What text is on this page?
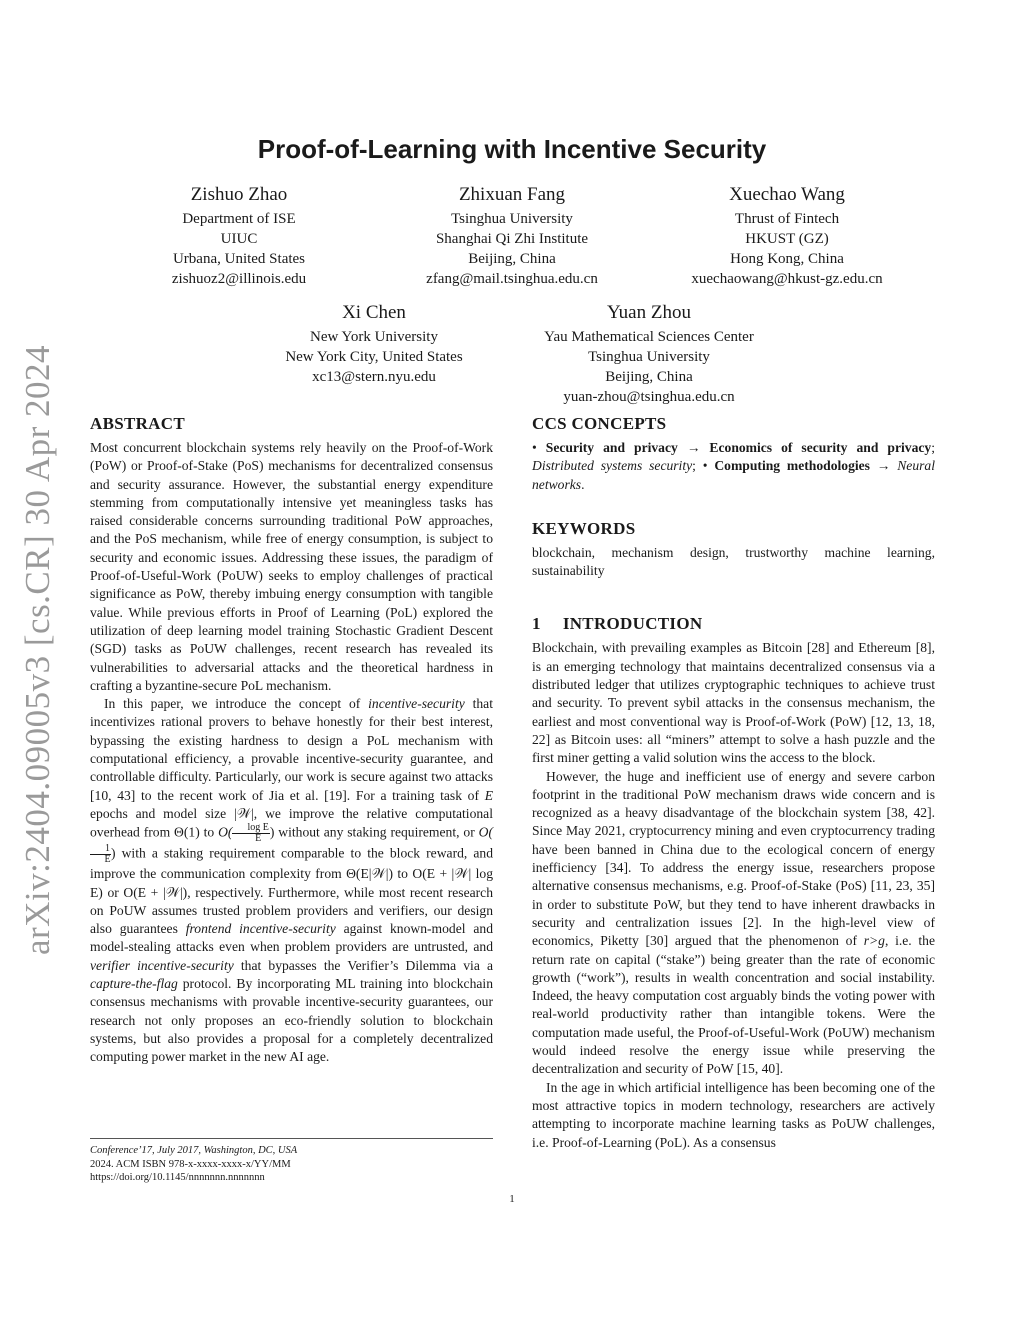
arXiv:2404.09005v3 [cs.CR] 30 Apr 2024
Proof-of-Learning with Incentive Security
Zishuo Zhao
Department of ISE
UIUC
Urbana, United States
zishuoz2@illinois.edu
Zhixuan Fang
Tsinghua University
Shanghai Qi Zhi Institute
Beijing, China
zfang@mail.tsinghua.edu.cn
Xuechao Wang
Thrust of Fintech
HKUST (GZ)
Hong Kong, China
xuechaowang@hkust-gz.edu.cn
Xi Chen
New York University
New York City, United States
xc13@stern.nyu.edu
Yuan Zhou
Yau Mathematical Sciences Center
Tsinghua University
Beijing, China
yuan-zhou@tsinghua.edu.cn
ABSTRACT

Most concurrent blockchain systems rely heavily on the Proof-of-Work (PoW) or Proof-of-Stake (PoS) mechanisms for decentralized consensus and security assurance. However, the substantial energy expenditure stemming from computationally intensive yet meaningless tasks has raised considerable concerns surrounding traditional PoW approaches, and the PoS mechanism, while free of energy consumption, is subject to security and economic issues. Addressing these issues, the paradigm of Proof-of-Useful-Work (PoUW) seeks to employ challenges of practical significance as PoW, thereby imbuing energy consumption with tangible value. While previous efforts in Proof of Learning (PoL) explored the utilization of deep learning model training Stochastic Gradient Descent (SGD) tasks as PoUW challenges, recent research has revealed its vulnerabilities to adversarial attacks and the theoretical hardness in crafting a byzantine-secure PoL mechanism.

In this paper, we introduce the concept of incentive-security that incentivizes rational provers to behave honestly for their best interest, bypassing the existing hardness to design a PoL mechanism with computational efficiency, a provable incentive-security guarantee, and controllable difficulty. Particularly, our work is secure against two attacks [10, 43] to the recent work of Jia et al. [19]. For a training task of E epochs and model size |𝒲|, we improve the relative computational overhead from Θ(1) to $O( \frac{\text{log E}}{E}$ ) without any staking requirement, or O(
$\frac{1}{E}$ ) with a staking requirement comparable to the block reward, and improve the communication complexity from Θ(E|𝒲|) to O(E + |𝒲| log E) or O(E + |𝒲|), respectively. Furthermore, while most recent research on PoUW assumes trusted problem providers and verifiers, our design also guarantees frontend incentive-security against known-model and model-stealing attacks even when problem providers are untrusted, and verifier incentive-security that bypasses the Verifier’s Dilemma via a capture-the-flag protocol. By incorporating ML training into blockchain consensus mechanisms with provable incentive-security guarantees, our research not only proposes an eco-friendly solution to blockchain systems, but also provides a proposal for a completely decentralized computing power market in the new AI age.

CCS CONCEPTS

• Security and privacy → Economics of security and privacy; Distributed systems security; • Computing methodologies → Neural networks.

KEYWORDS

blockchain, mechanism design, trustworthy machine learning, sustainability

1 INTRODUCTION

Blockchain, with prevailing examples as Bitcoin [28] and Ethereum [8], is an emerging technology that maintains decentralized consensus via a distributed ledger that utilizes cryptographic techniques to achieve trust and security. To prevent sybil attacks in the consensus mechanism, the earliest and most conventional way is Proof-of-Work (PoW) [12, 13, 18, 22] as Bitcoin uses: all “miners” attempt to solve a hash puzzle and the first miner getting a valid solution wins the access to the block.

However, the huge and inefficient use of energy and severe carbon footprint in the traditional PoW mechanism draws wide concern and is recognized as a heavy disadvantage of the blockchain system [38, 42]. Since May 2021, cryptocurrency mining and even cryptocurrency trading have been banned in China due to the ecological concern of energy inefficiency [34]. To address the energy issue, researchers propose alternative consensus mechanisms, e.g. Proof-of-Stake (PoS) [11, 23, 35] in order to substitute PoW, but they tend to have inherent drawbacks in security and centralization issues [2]. In the high-level view of economics, Piketty [30] argued that the phenomenon of r>g, i.e. the return rate on capital (“stake”) being greater than the rate of economic growth (“work”), results in wealth concentration and social instability. Indeed, the heavy computation cost arguably binds the voting power with real-world productivity rather than intangible tokens. Were the computation made useful, the Proof-of-Useful-Work (PoUW) mechanism would indeed resolve the energy issue while preserving the decentralization and security of PoW [15, 40].

In the age in which artificial intelligence has been becoming one of the most attractive topics in modern technology, researchers are actively attempting to incorporate machine learning tasks as PoUW challenges, i.e. Proof-of-Learning (PoL). As a consensus

Conference’17, July 2017, Washington, DC, USA
2024. ACM ISBN 978-x-xxxx-xxxx-x/YY/MM
https://doi.org/10.1145/nnnnnnn.nnnnnnn
1
